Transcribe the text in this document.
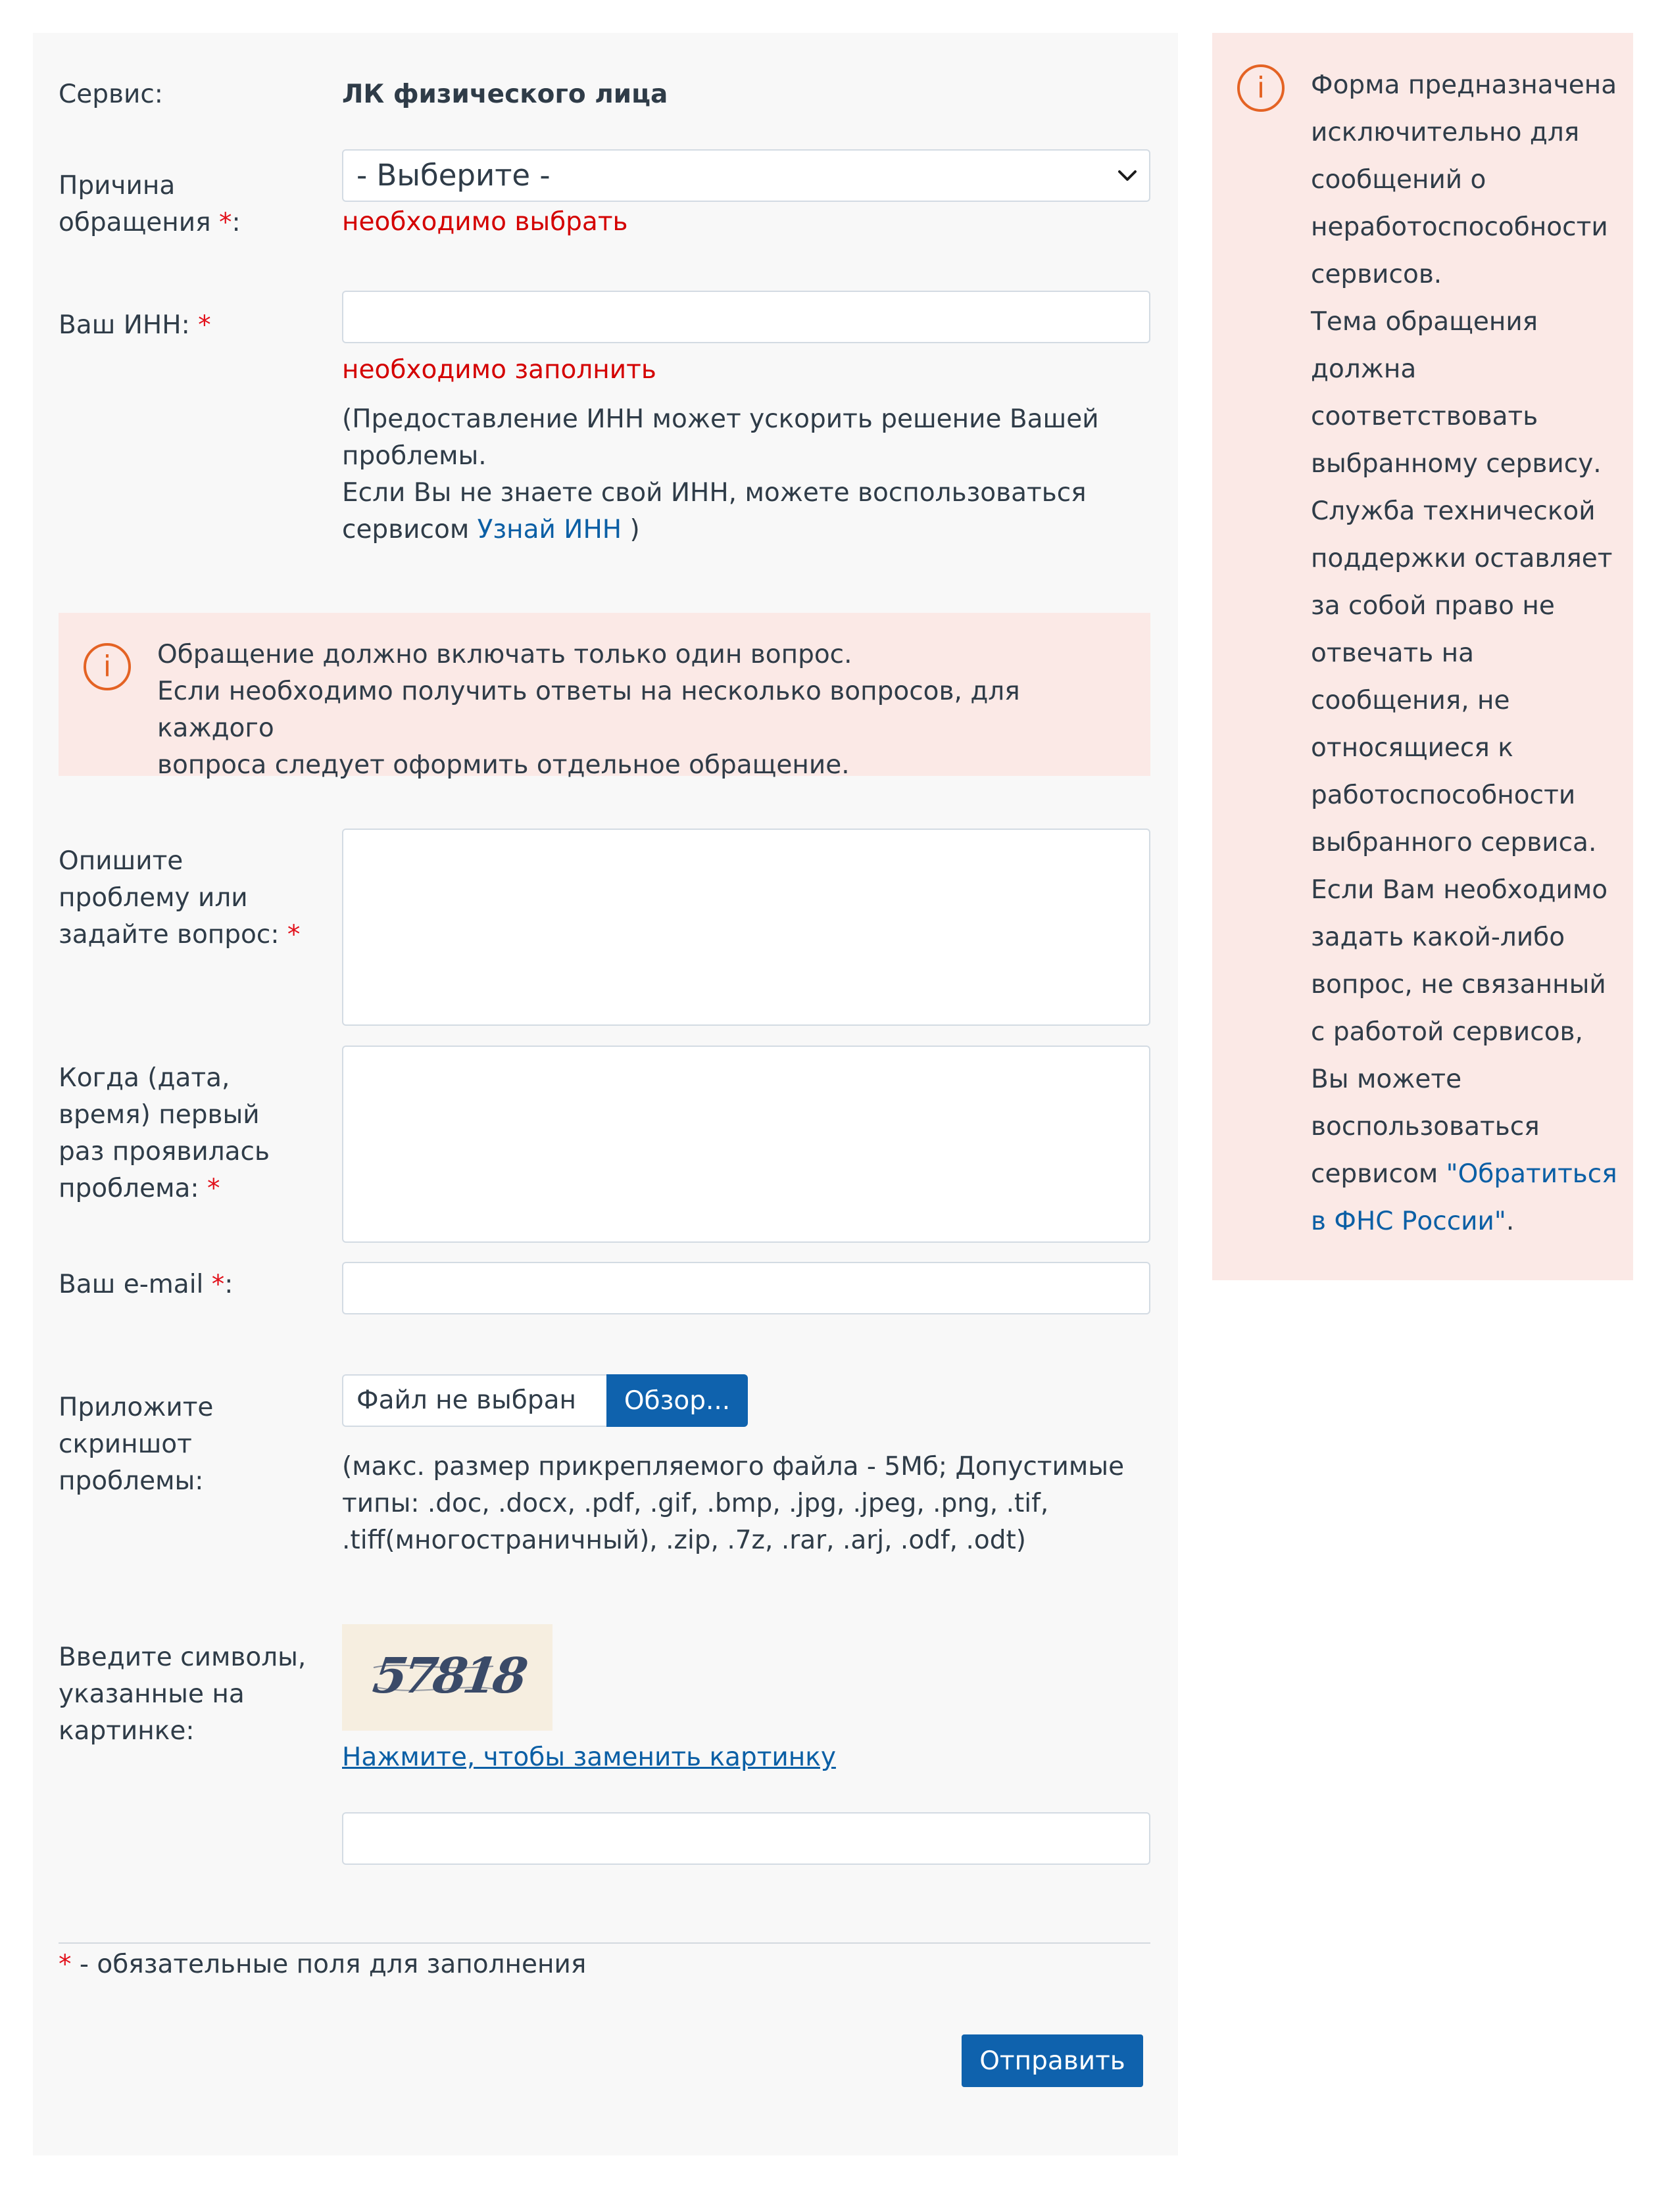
Сервис:	ЛК физического лица
Причина
обращения *:
- Выберите -
необходимо выбрать
Ваш ИНН: *
необходимо заполнить
(Предоставление ИНН может ускорить решение Вашей
проблемы.
Если Вы не знаете свой ИНН, можете воспользоваться
сервисом Узнай ИНН )
i	Обращение должно включать только один вопрос.
Если необходимо получить ответы на несколько вопросов, для каждого
вопроса следует оформить отдельное обращение.
Опишите
проблему или
задайте вопрос: *
Когда (дата,
время) первый
раз проявилась
проблема: *
Ваш e-mail *:
Приложите
скриншот
проблемы:
Файл не выбран	Обзор...
(макс. размер прикрепляемого файла - 5Мб; Допустимые
типы: .doc, .docx, .pdf, .gif, .bmp, .jpg, .jpeg, .png, .tif,
.tiff(многостраничный), .zip, .7z, .rar, .arj, .odf, .odt)
Введите символы,
указанные на
картинке:
57818
Нажмите, чтобы заменить картинку
* - обязательные поля для заполнения
Отправить
i	Форма предназначена
исключительно для
сообщений о
неработоспособности
сервисов.
Тема обращения
должна
соответствовать
выбранному сервису.
Служба технической
поддержки оставляет
за собой право не
отвечать на
сообщения, не
относящиеся к
работоспособности
выбранного сервиса.
Если Вам необходимо
задать какой-либо
вопрос, не связанный
с работой сервисов,
Вы можете
воспользоваться
сервисом "Обратиться
в ФНС России".
